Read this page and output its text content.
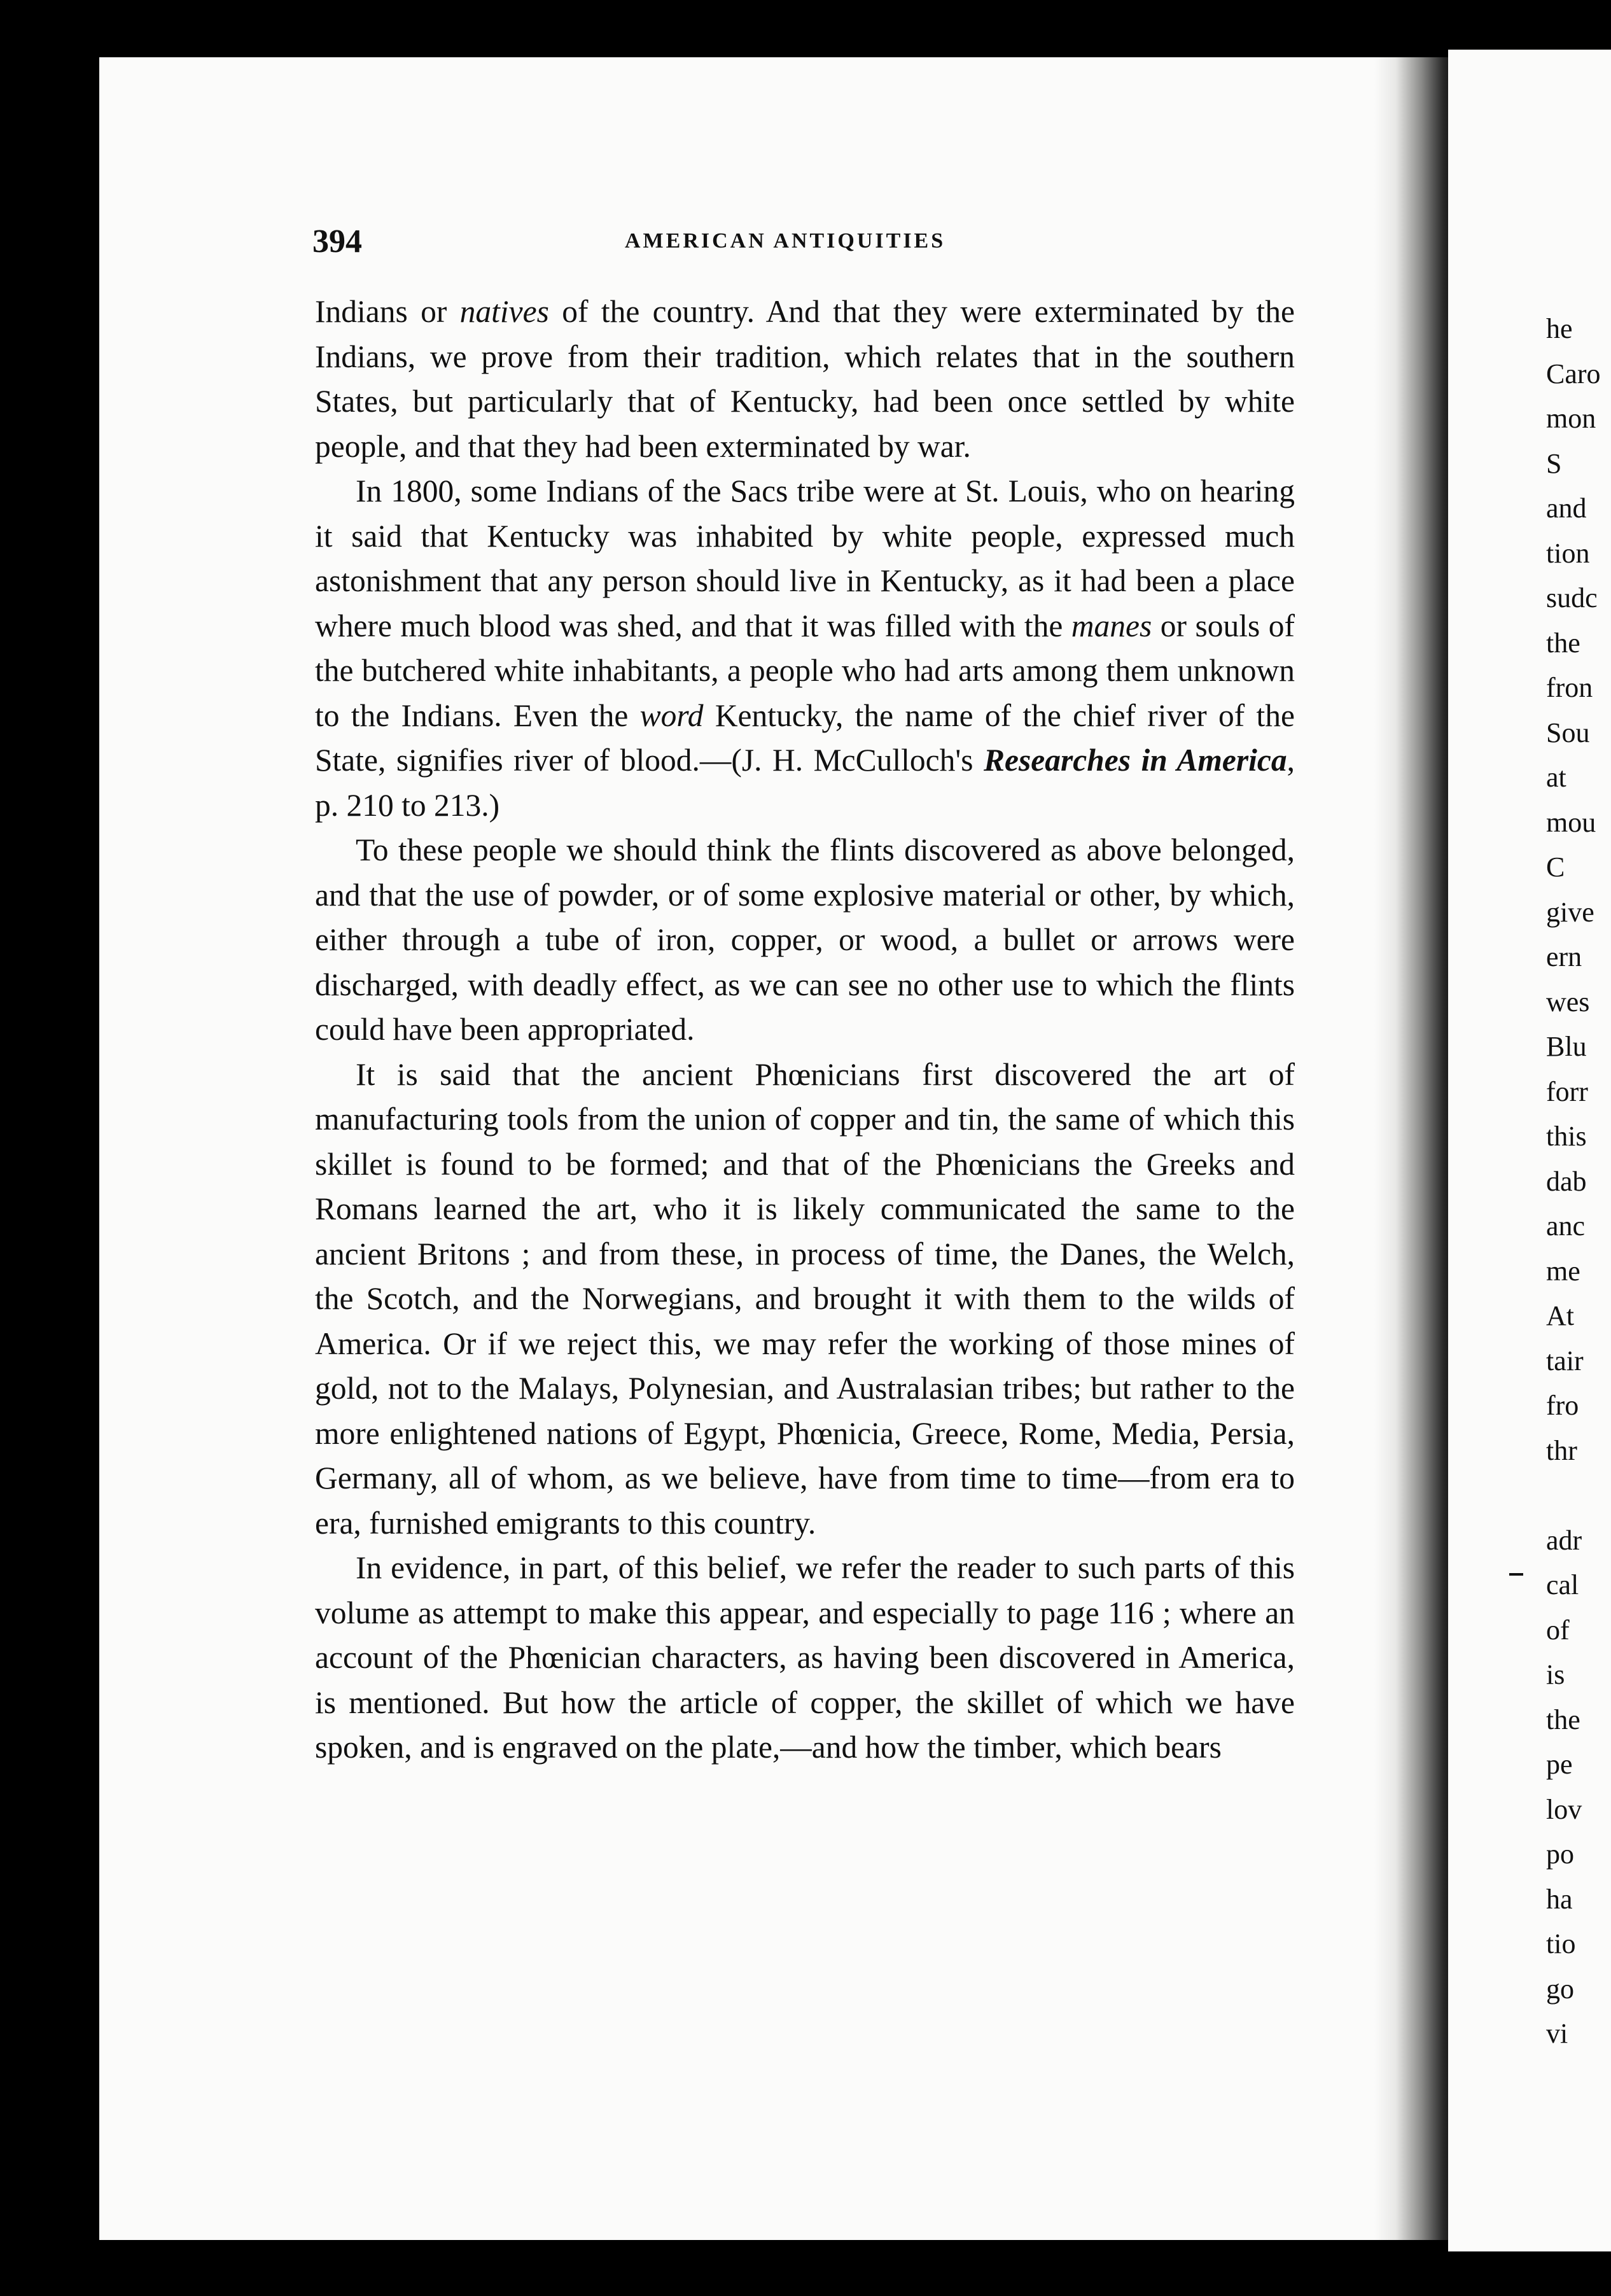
394	AMERICAN ANTIQUITIES

Indians or natives of the country. And that they were exterminated by the Indians, we prove from their tradition, which relates that in the southern States, but particularly that of Kentucky, had been once settled by white people, and that they had been exterminated by war.

In 1800, some Indians of the Sacs tribe were at St. Louis, who on hearing it said that Kentucky was inhabited by white people, expressed much astonishment that any person should live in Kentucky, as it had been a place where much blood was shed, and that it was filled with the manes or souls of the butchered white inhabitants, a people who had arts among them unknown to the Indians. Even the word Kentucky, the name of the chief river of the State, signifies river of blood.—(J. H. McCulloch's Researches in America, p. 210 to 213.)

To these people we should think the flints discovered as above belonged, and that the use of powder, or of some explosive material or other, by which, either through a tube of iron, copper, or wood, a bullet or arrows were discharged, with deadly effect, as we can see no other use to which the flints could have been appropriated.

It is said that the ancient Phœnicians first discovered the art of manufacturing tools from the union of copper and tin, the same of which this skillet is found to be formed; and that of the Phœnicians the Greeks and Romans learned the art, who it is likely communicated the same to the ancient Britons ; and from these, in process of time, the Danes, the Welch, the Scotch, and the Norwegians, and brought it with them to the wilds of America. Or if we reject this, we may refer the working of those mines of gold, not to the Malays, Polynesian, and Australasian tribes; but rather to the more enlightened nations of Egypt, Phœnicia, Greece, Rome, Media, Persia, Germany, all of whom, as we believe, have from time to time—from era to era, furnished emigrants to this country.

In evidence, in part, of this belief, we refer the reader to such parts of this volume as attempt to make this appear, and especially to page 116 ; where an account of the Phœnician characters, as having been discovered in America, is mentioned. But how the article of copper, the skillet of which we have spoken, and is engraved on the plate,—and how the timber, which bears

he
Caro
mon
S
and
tion
sudc
the
fron
Sou
at
mou
C
give
ern
wes
Blu
forr
this
dab
anc
me
At
tair
fro
thr
adr
cal
of
is
the
pe
lov
po
ha
tio
go
vi
